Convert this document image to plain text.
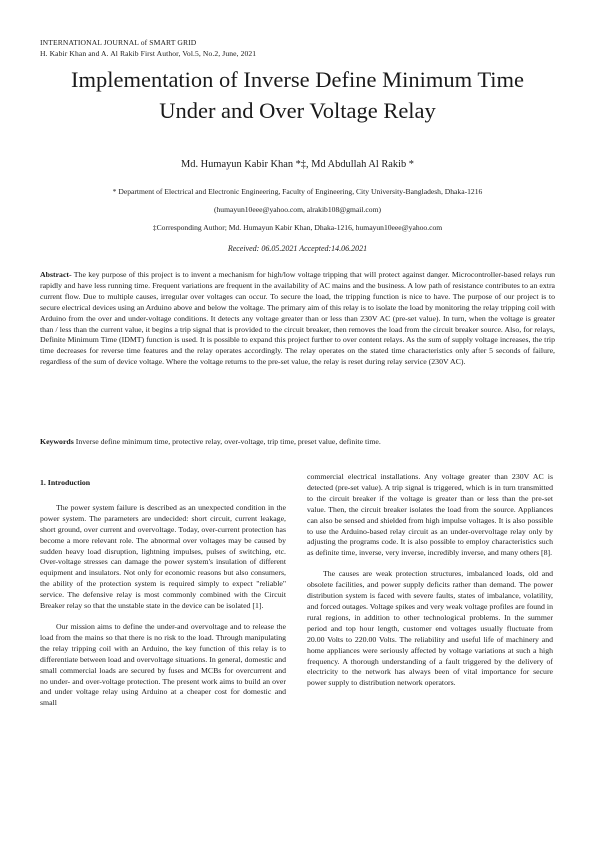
INTERNATIONAL JOURNAL of SMART GRID
H. Kabir Khan and A. Al Rakib First Author, Vol.5, No.2, June, 2021
Implementation of Inverse Define Minimum Time
Under and Over Voltage Relay
Md. Humayun Kabir Khan *‡, Md Abdullah Al Rakib *
* Department of Electrical and Electronic Engineering, Faculty of Engineering, City University-Bangladesh, Dhaka-1216
(humayun10eee@yahoo.com, alrakib108@gmail.com)
‡Corresponding Author; Md. Humayun Kabir Khan, Dhaka-1216, humayun10eee@yahoo.com
Received: 06.05.2021 Accepted:14.06.2021
Abstract- The key purpose of this project is to invent a mechanism for high/low voltage tripping that will protect against danger. Microcontroller-based relays run rapidly and have less running time. Frequent variations are frequent in the availability of AC mains and the business. A low path of resistance contributes to an extra current flow. Due to multiple causes, irregular over voltages can occur. To secure the load, the tripping function is nice to have. The purpose of our project is to secure electrical devices using an Arduino above and below the voltage. The primary aim of this relay is to isolate the load by monitoring the relay tripping coil with Arduino from the over and under-voltage conditions. It detects any voltage greater than or less than 230V AC (pre-set value). In turn, when the voltage is greater than / less than the current value, it begins a trip signal that is provided to the circuit breaker, then removes the load from the circuit breaker source. Also, for relays, Definite Minimum Time (IDMT) function is used. It is possible to expand this project further to over content relays. As the sum of supply voltage increases, the trip time decreases for reverse time features and the relay operates accordingly. The relay operates on the stated time characteristics only after 5 seconds of failure, regardless of the sum of device voltage. Where the voltage returns to the pre-set value, the relay is reset during relay service (230V AC).
Keywords Inverse define minimum time, protective relay, over-voltage, trip time, preset value, definite time.
1. Introduction

The power system failure is described as an unexpected condition in the power system. The parameters are undecided: short circuit, current leakage, short ground, over current and overvoltage. Today, over-current protection has become a more relevant role. The abnormal over voltages may be caused by sudden heavy load disruption, lightning impulses, pulses of switching, etc. Over-voltage stresses can damage the power system's insulation of different equipment and insulators. Not only for economic reasons but also consumers, the ability of the protection system is required simply to expect "reliable" service. The defensive relay is most commonly combined with the Circuit Breaker relay so that the unstable state in the device can be isolated [1].

Our mission aims to define the under-and overvoltage and to release the load from the mains so that there is no risk to the load. Through manipulating the relay tripping coil with an Arduino, the key function of this relay is to differentiate between load and overvoltage situations. In general, domestic and small commercial loads are secured by fuses and MCBs for overcurrent and no under- and over-voltage protection. The present work aims to build an over and under voltage relay using Arduino at a cheaper cost for domestic and small

commercial electrical installations. Any voltage greater than 230V AC is detected (pre-set value). A trip signal is triggered, which is in turn transmitted to the circuit breaker if the voltage is greater than or less than the pre-set value. Then, the circuit breaker isolates the load from the source. Appliances can also be sensed and shielded from high impulse voltages. It is also possible to use the Arduino-based relay circuit as an under-overvoltage relay only by adjusting the programs code. It is also possible to employ characteristics such as definite time, inverse, very inverse, incredibly inverse, and many others [8].

The causes are weak protection structures, imbalanced loads, old and obsolete facilities, and power supply deficits rather than demand. The power distribution system is faced with severe faults, states of imbalance, volatility, and forced outages. Voltage spikes and very weak voltage profiles are found in rural regions, in addition to other technological problems. In the summer period and top hour length, customer end voltages usually fluctuate from 20.00 Volts to 220.00 Volts. The reliability and useful life of machinery and home appliances were seriously affected by voltage variations at such a high frequency. A thorough understanding of a fault triggered by the delivery of electricity to the network has always been of vital importance for secure power supply to distribution network operators.
